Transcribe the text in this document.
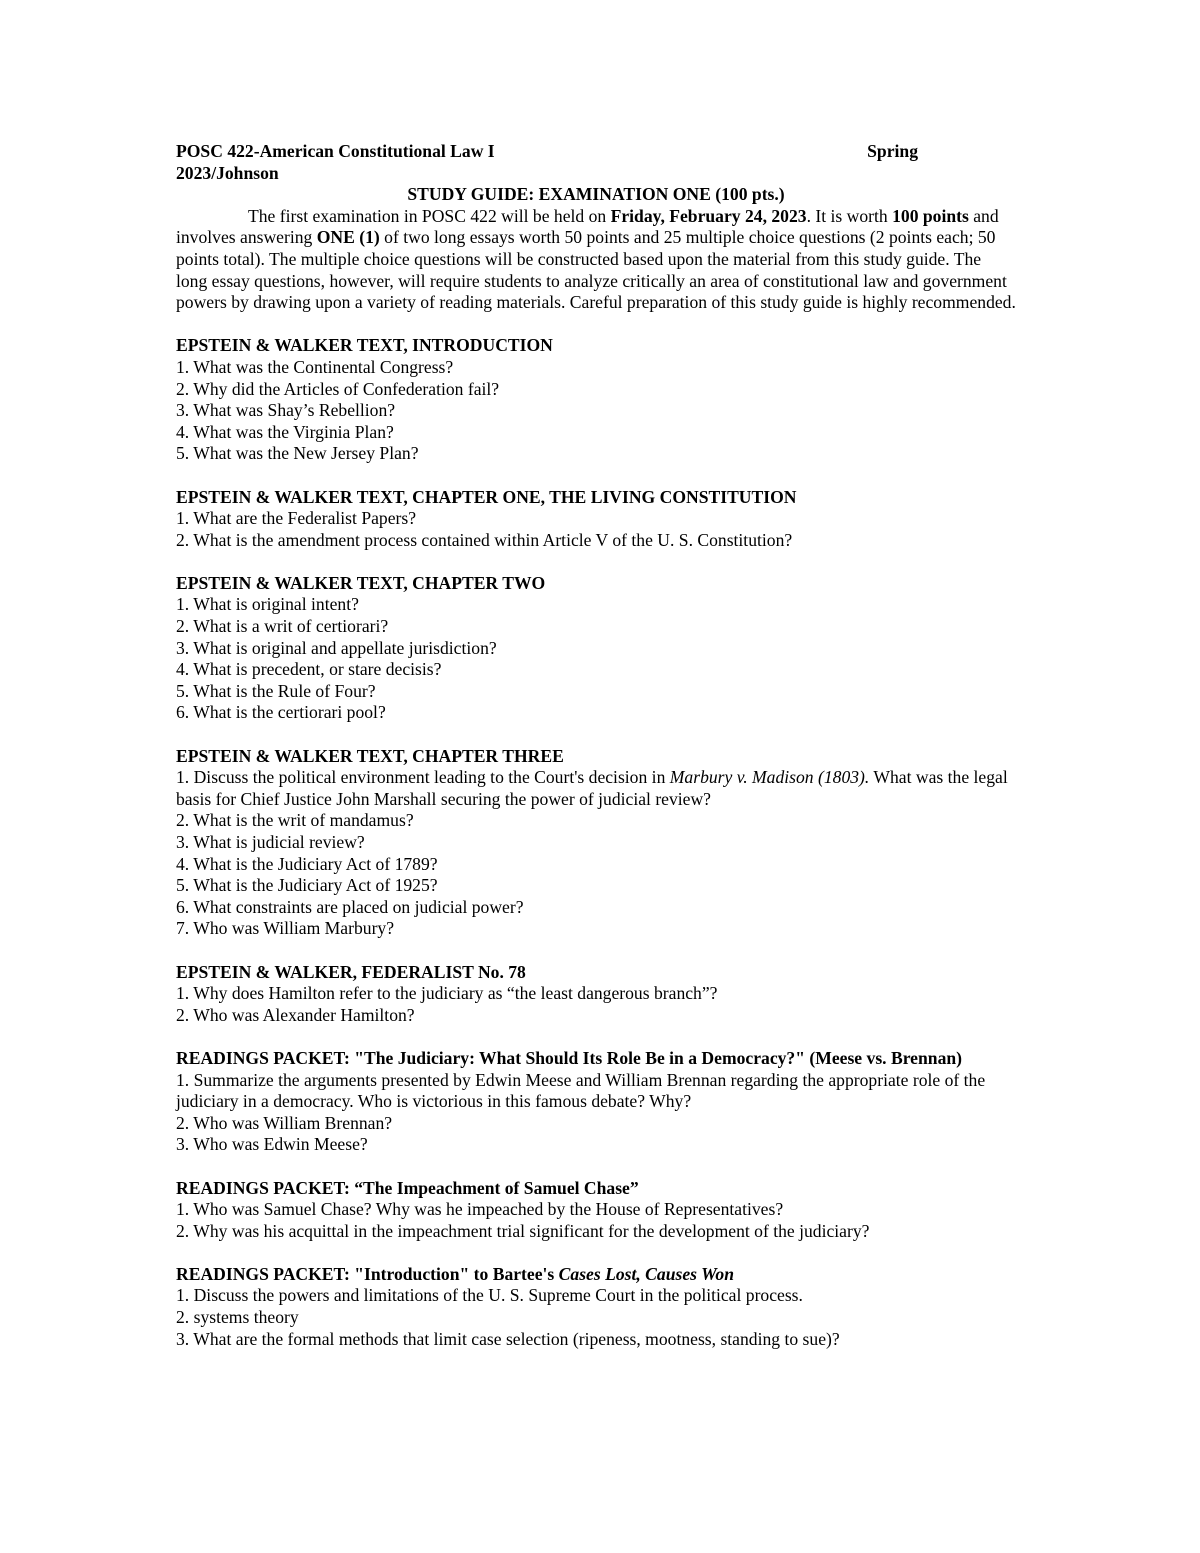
POSC 422-American Constitutional Law I	Spring
2023/Johnson
STUDY GUIDE: EXAMINATION ONE (100 pts.)
The first examination in POSC 422 will be held on Friday, February 24, 2023. It is worth 100 points and involves answering ONE (1) of two long essays worth 50 points and 25 multiple choice questions (2 points each; 50 points total). The multiple choice questions will be constructed based upon the material from this study guide. The long essay questions, however, will require students to analyze critically an area of constitutional law and government powers by drawing upon a variety of reading materials. Careful preparation of this study guide is highly recommended.
EPSTEIN & WALKER TEXT, INTRODUCTION
1. What was the Continental Congress?
2. Why did the Articles of Confederation fail?
3. What was Shay’s Rebellion?
4. What was the Virginia Plan?
5. What was the New Jersey Plan?
EPSTEIN & WALKER TEXT, CHAPTER ONE, THE LIVING CONSTITUTION
1. What are the Federalist Papers?
2. What is the amendment process contained within Article V of the U. S. Constitution?
EPSTEIN & WALKER TEXT, CHAPTER TWO
1. What is original intent?
2. What is a writ of certiorari?
3. What is original and appellate jurisdiction?
4. What is precedent, or stare decisis?
5. What is the Rule of Four?
6. What is the certiorari pool?
EPSTEIN & WALKER TEXT, CHAPTER THREE
1. Discuss the political environment leading to the Court's decision in Marbury v. Madison (1803). What was the legal basis for Chief Justice John Marshall securing the power of judicial review?
2. What is the writ of mandamus?
3. What is judicial review?
4. What is the Judiciary Act of 1789?
5. What is the Judiciary Act of 1925?
6. What constraints are placed on judicial power?
7. Who was William Marbury?
EPSTEIN & WALKER, FEDERALIST No. 78
1. Why does Hamilton refer to the judiciary as “the least dangerous branch”?
2. Who was Alexander Hamilton?
READINGS PACKET: "The Judiciary: What Should Its Role Be in a Democracy?" (Meese vs. Brennan)
1. Summarize the arguments presented by Edwin Meese and William Brennan regarding the appropriate role of the judiciary in a democracy. Who is victorious in this famous debate? Why?
2. Who was William Brennan?
3. Who was Edwin Meese?
READINGS PACKET: “The Impeachment of Samuel Chase”
1. Who was Samuel Chase? Why was he impeached by the House of Representatives?
2. Why was his acquittal in the impeachment trial significant for the development of the judiciary?
READINGS PACKET: "Introduction" to Bartee's Cases Lost, Causes Won
1. Discuss the powers and limitations of the U. S. Supreme Court in the political process.
2. systems theory
3. What are the formal methods that limit case selection (ripeness, mootness, standing to sue)?
